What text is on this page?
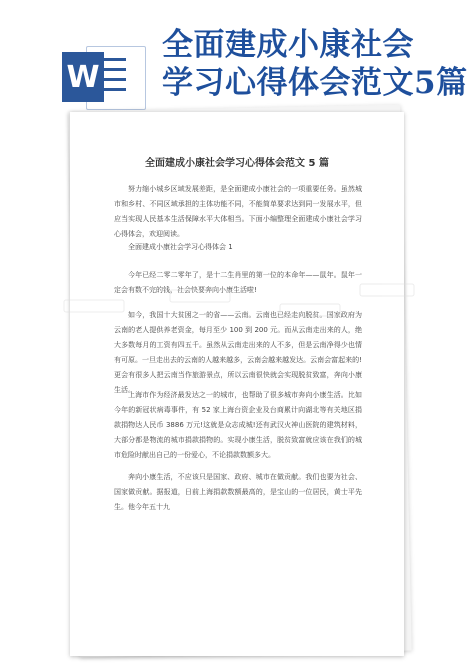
W
全面建成小康社会
学习心得体会范文5篇
全面建成小康社会学习心得体会范文 5 篇
努力缩小城乡区域发展差距，是全面建成小康社会的一项重要任务。虽然城市和乡村、不同区域承担的主体功能不同，不能简单要求达到同一发展水平，但应当实现人民基本生活保障水平大体相当。下面小编整理全面建成小康社会学习心得体会，欢迎阅读。
全面建成小康社会学习心得体会 1
今年已经二零二零年了，是十二生肖里的第一位的本命年——鼠年。鼠年一定会有数不完的钱，社会快要奔向小康生活啦!
如今，我国十大贫困之一的省——云南。云南也已经走向脱贫。国家政府为云南的老人提供养老资金，每月至少 100 到 200 元。而从云南走出来的人，绝大多数每月的工资有四五千。虽然从云南走出来的人不多，但是云南净得少也情有可原。一旦走出去的云南的人越来越多，云南会越来越发达。云南会富起来的!更会有很多人把云南当作旅游景点，所以云南很快就会实现脱贫致富，奔向小康生活。
上海市作为经济最发达之一的城市，也帮助了很多城市奔向小康生活。比如今年的新冠状病毒事件，有 52 家上海台资企业及台商累计向湖北等有关地区捐款捐物达人民币 3886 万元!这就是众志成城!还有武汉火神山医院的建筑材料，大部分都是物流的城市捐款捐物的。实现小康生活，脱贫致富就应该在我们的城市危险时献出自己的一份爱心，不论捐款数额多大。
奔向小康生活，不应该只是国家、政府、城市在做贡献。我们也要为社会、国家做贡献。据报道，日前上海捐款数额最高的，是宝山的一位居民，黄士平先生。他今年五十九
